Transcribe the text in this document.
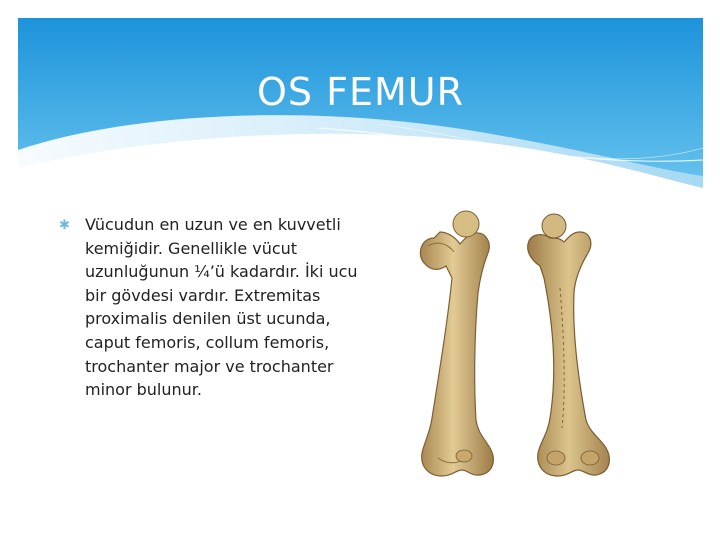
OS FEMUR
✱ Vücudun en uzun ve en kuvvetli kemiğidir. Genellikle vücut uzunluğunun ¼’ü kadardır. İki ucu bir gövdesi vardır. Extremitas proximalis denilen üst ucunda, caput femoris, collum femoris, trochanter major ve trochanter minor bulunur.
